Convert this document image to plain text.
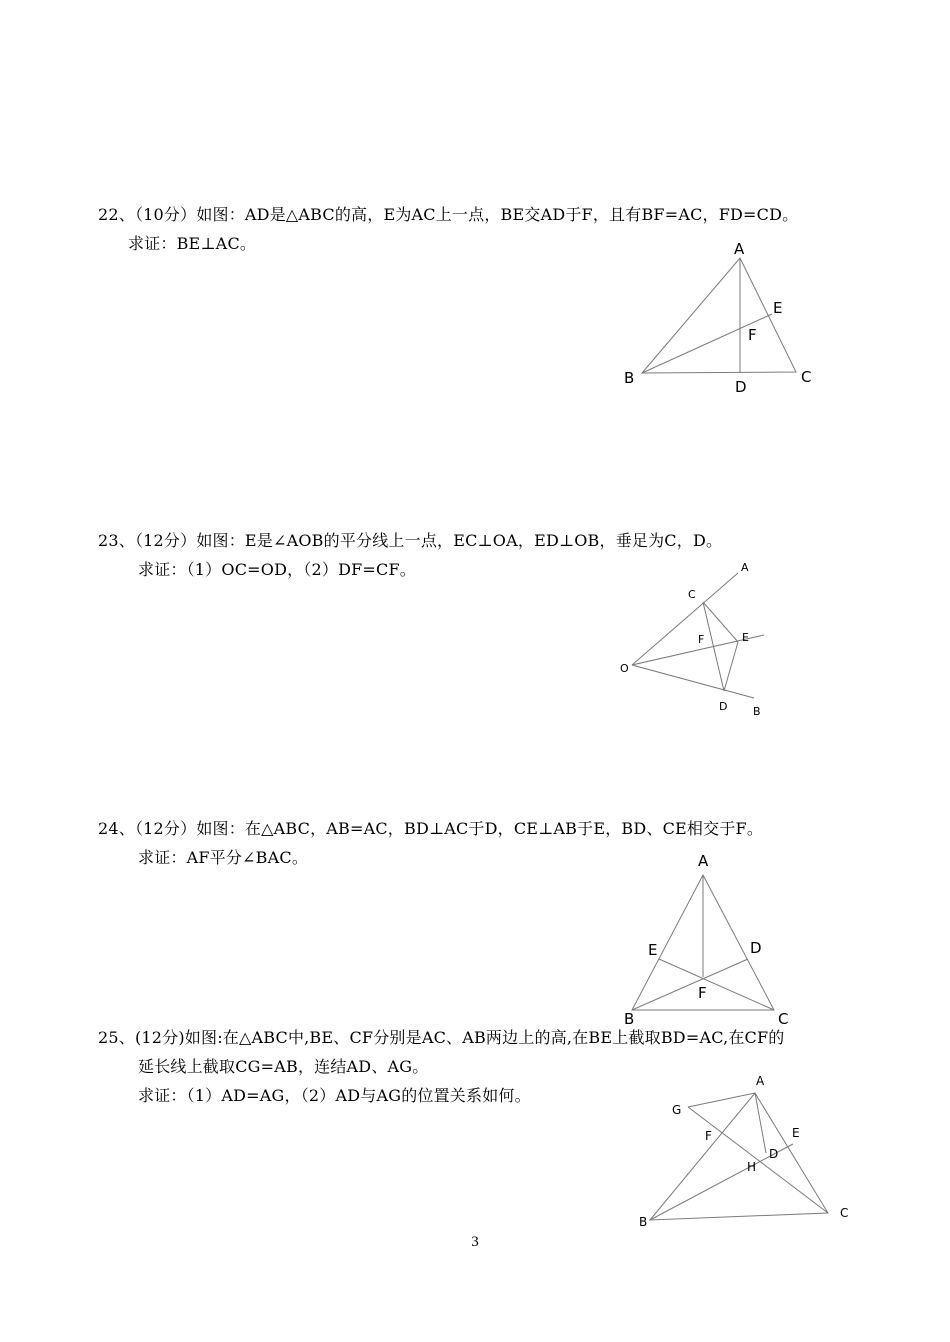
22、（10分）如图：AD是△ABC的高，E为AC上一点，BE交AD于F，且有BF=AC，FD=CD。
求证：BE⊥AC。	A
E
F
B	D
C
23、（12分）如图：E是∠AOB的平分线上一点，EC⊥OA，ED⊥OB，垂足为C，D。
求证：（1）OC=OD，（2）DF=CF。	A
C
F	E
O
D B
24、（12分）如图：在△ABC，AB=AC，BD⊥AC于D，CE⊥AB于E，BD、CE相交于F。
求证：AF平分∠BAC。	A
E	D
F
B	C
25、(12分)如图:在△ABC中,BE、CF分别是AC、AB两边上的高,在BE上截取BD=AC,在CF的
延长线上截取CG=AB，连结AD、AG。
求证：（1）AD=AG，（2）AD与AG的位置关系如何。
A
G
F	E
D
H
B
C
3
